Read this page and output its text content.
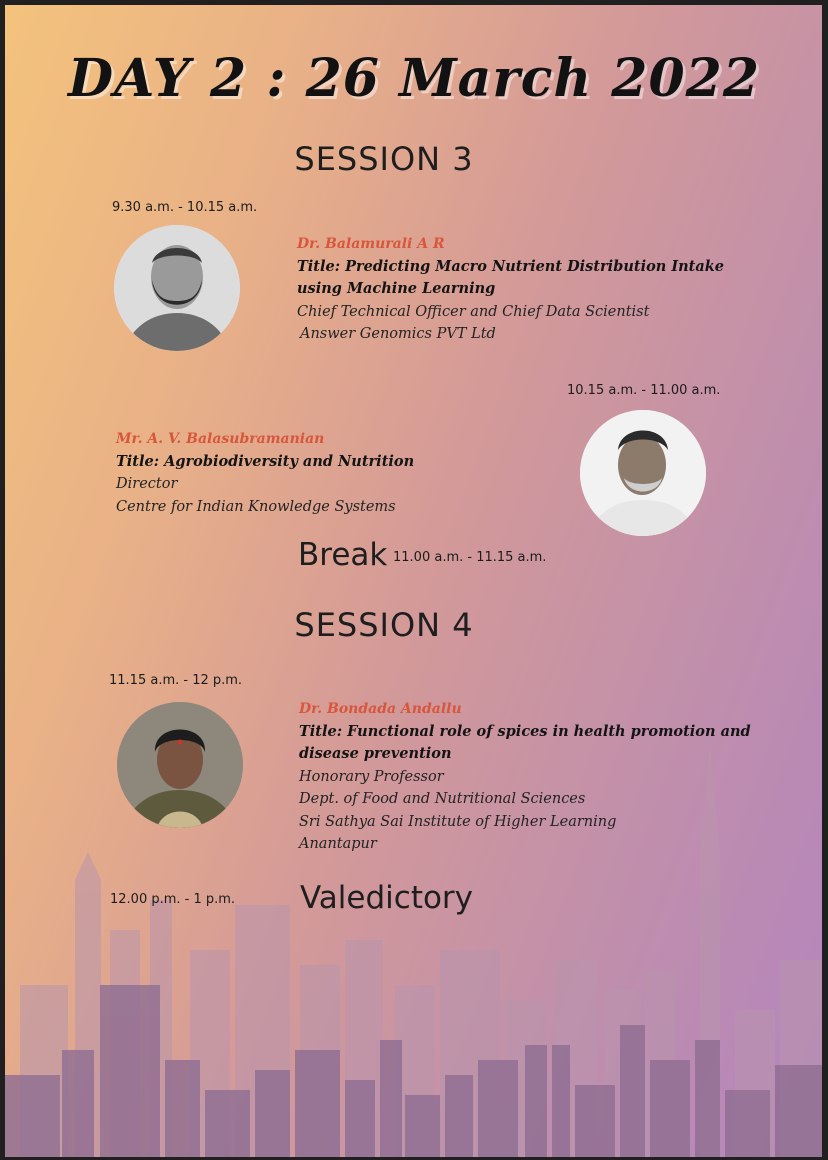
DAY 2 : 26 March 2022
SESSION 3
9.30 a.m. - 10.15 a.m.
Dr. Balamurali A R
Title: Predicting Macro Nutrient Distribution Intake
using Machine Learning
Chief Technical Officer and Chief Data Scientist
Answer Genomics PVT Ltd
10.15 a.m. - 11.00 a.m.
Mr. A. V. Balasubramanian
Title: Agrobiodiversity and Nutrition
Director
Centre for Indian Knowledge Systems
Break 11.00 a.m. - 11.15 a.m.
SESSION 4
11.15 a.m. - 12 p.m.
Dr. Bondada Andallu
Title: Functional role of spices in health promotion and
disease prevention
Honorary Professor
Dept. of Food and Nutritional Sciences
Sri Sathya Sai Institute of Higher Learning
Anantapur
12.00 p.m. - 1 p.m. Valedictory
